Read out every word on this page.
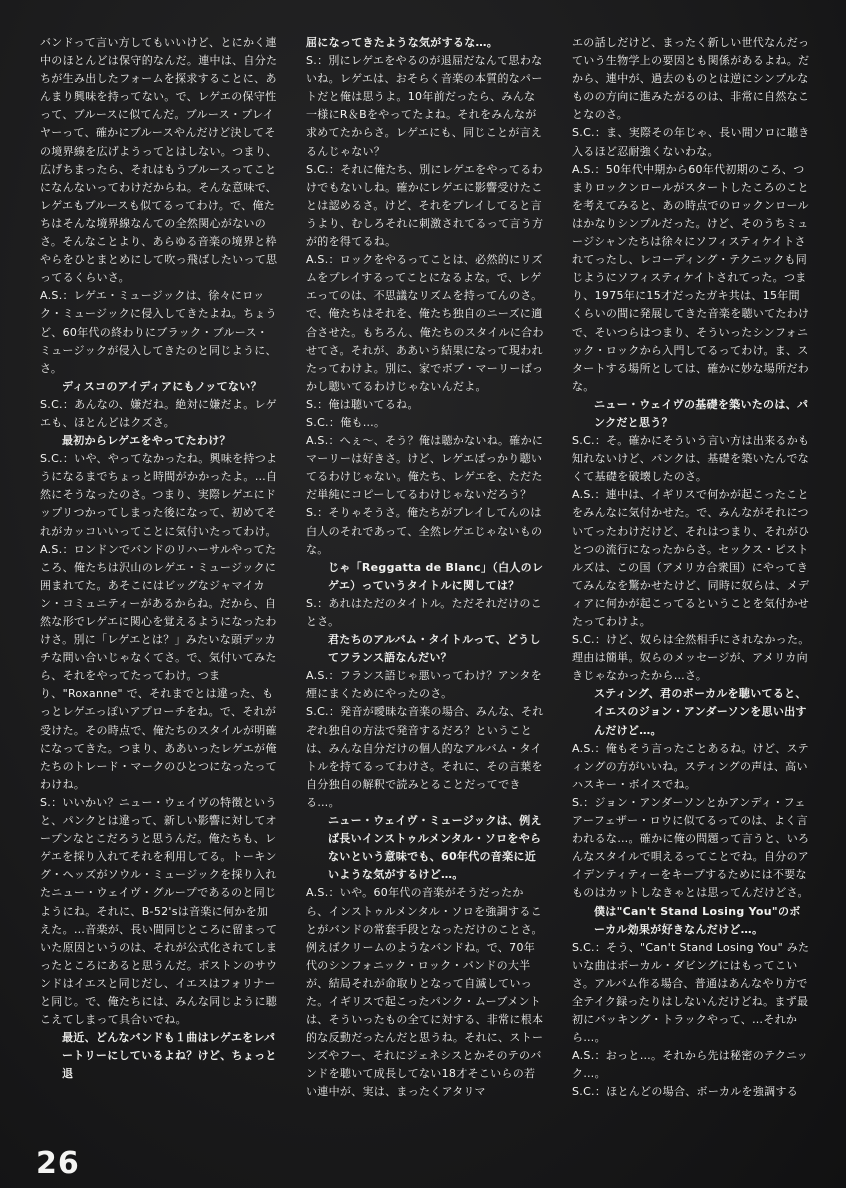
バンドって言い方してもいいけど、とにかく連中のほとんどは保守的なんだ。連中は、自分たちが生み出したフォームを探求することに、あんまり興味を持ってない。で、レゲエの保守性って、ブルースに似てんだ。ブルース・プレイヤーって、確かにブルースやんだけど決してその境界線を広げようってとはしない。つまり、広げちまったら、それはもうブルースってことになんないってわけだからね。そんな意味で、レゲエもブルースも似てるってわけ。で、俺たちはそんな境界線なんての全然関心がないのさ。そんなことより、あらゆる音楽の境界と枠やらをひとまとめにして吹っ飛ばしたいって思ってるくらいさ。

A.S.：レゲエ・ミュージックは、徐々にロック・ミュージックに侵入してきたよね。ちょうど、60年代の終わりにブラック・ブルース・ミュージックが侵入してきたのと同じように、さ。

ディスコのアイディアにもノッてない？

S.C.：あんなの、嫌だね。絶対に嫌だよ。レゲエも、ほとんどはクズさ。

最初からレゲエをやってたわけ？

S.C.：いや、やってなかったね。興味を持つようになるまでちょっと時間がかかったよ。…自然にそうなったのさ。つまり、実際レゲエにドップリつかってしまった後になって、初めてそれがカッコいいってことに気付いたってわけ。

A.S.：ロンドンでバンドのリハーサルやってたころ、俺たちは沢山のレゲエ・ミュージックに囲まれてた。あそこにはビッグなジャマイカン・コミュニティーがあるからね。だから、自然な形でレゲエに関心を覚えるようになったわけさ。別に「レゲエとは？」みたいな頭デッカチな問い合いじゃなくてさ。で、気付いてみたら、それをやってたってわけ。つまり、"Roxanne" で、それまでとは違った、もっとレゲエっぽいアプローチをね。で、それが受けた。その時点で、俺たちのスタイルが明確になってきた。つまり、ああいったレゲエが俺たちのトレード・マークのひとつになったってわけね。

S.：いいかい？ニュー・ウェイヴの特徴というと、パンクとは違って、新しい影響に対してオープンなとこだろうと思うんだ。俺たちも、レゲエを採り入れてそれを利用してる。トーキング・ヘッズがソウル・ミュージックを採り入れたニュー・ウェイヴ・グループであるのと同じようにね。それに、B-52'sは音楽に何かを加えた。…音楽が、長い間同じところに留まっていた原因というのは、それが公式化されてしまったところにあると思うんだ。ボストンのサウンドはイエスと同じだし、イエスはフォリナーと同じ。で、俺たちには、みんな同じように聴こえてしまって具合いでね。

最近、どんなバンドも１曲はレゲエをレパートリーにしているよね？けど、ちょっと退

屈になってきたような気がするな…。

S.：別にレゲエをやるのが退屈だなんて思わないね。レゲエは、おそらく音楽の本質的なパートだと俺は思うよ。10年前だったら、みんな一様にR＆Bをやってたよね。それをみんなが求めてたからさ。レゲエにも、同じことが言えるんじゃない？

S.C.：それに俺たち、別にレゲエをやってるわけでもないしね。確かにレゲエに影響受けたことは認めるさ。けど、それをプレイしてると言うより、むしろそれに刺激されてるって言う方が的を得てるね。

A.S.：ロックをやるってことは、必然的にリズムをプレイするってことになるよな。で、レゲエってのは、不思議なリズムを持ってんのさ。で、俺たちはそれを、俺たち独自のニーズに適合させた。もちろん、俺たちのスタイルに合わせてさ。それが、ああいう結果になって現われたってわけよ。別に、家でボブ・マーリーばっかし聴いてるわけじゃないんだよ。

S.：俺は聴いてるね。

S.C.：俺も…。

A.S.：へぇ～、そう？俺は聴かないね。確かにマーリーは好きさ。けど、レゲエばっかり聴いてるわけじゃない。俺たち、レゲエを、ただただ単純にコピーしてるわけじゃないだろう？

S.：そりゃそうさ。俺たちがプレイしてんのは白人のそれであって、全然レゲエじゃないものな。

じゃ「Reggatta de Blanc」（白人のレゲエ）っていうタイトルに関しては？

S.：あれはただのタイトル。ただそれだけのことさ。

君たちのアルバム・タイトルって、どうしてフランス語なんだい？

A.S.：フランス語じゃ悪いってわけ？アンタを煙にまくためにやったのさ。

S.C.：発音が曖昧な音楽の場合、みんな、それぞれ独自の方法で発音するだろ？ということは、みんな自分だけの個人的なアルバム・タイトルを持てるってわけさ。それに、その言葉を自分独自の解釈で読みとることだってできる…。

ニュー・ウェイヴ・ミュージックは、例えば長いインストゥルメンタル・ソロをやらないという意味でも、60年代の音楽に近いような気がするけど…。

A.S.：いや。60年代の音楽がそうだったから、インストゥルメンタル・ソロを強調することがバンドの常套手段となっただけのことさ。例えばクリームのようなバンドね。で、70年代のシンフォニック・ロック・バンドの大半が、結局それが命取りとなって自滅していった。イギリスで起こったパンク・ムーブメントは、そういったもの全てに対する、非常に根本的な反動だったんだと思うね。それに、ストーンズやフー、それにジェネシスとかそのテのバンドを聴いて成長してない18才そこいらの若い連中が、実は、まったくアタリマ

エの話しだけど、まったく新しい世代なんだっていう生物学上の要因とも関係があるよね。だから、連中が、過去のものとは逆にシンプルなものの方向に進みたがるのは、非常に自然なことなのさ。

S.C.：ま、実際その年じゃ、長い間ソロに聴き入るほど忍耐強くないわな。

A.S.：50年代中期から60年代初期のころ、つまりロックンロールがスタートしたころのことを考えてみると、あの時点でのロックンロールはかなりシンプルだった。けど、そのうちミュージシャンたちは徐々にソフィスティケイトされてったし、レコーディング・テクニックも同じようにソフィスティケイトされてった。つまり、1975年に15才だったガキ共は、15年間くらいの間に発展してきた音楽を聴いてたわけで、そいつらはつまり、そういったシンフォニック・ロックから入門してるってわけ。ま、スタートする場所としては、確かに妙な場所だわな。

ニュー・ウェイヴの基礎を築いたのは、パンクだと思う？

S.C.：そ。確かにそういう言い方は出来るかも知れないけど、パンクは、基礎を築いたんでなくて基礎を破壊したのさ。

A.S.：連中は、イギリスで何かが起こったことをみんなに気付かせた。で、みんながそれについてったわけだけど、それはつまり、それがひとつの流行になったからさ。セックス・ピストルズは、この国（アメリカ合衆国）にやってきてみんなを驚かせたけど、同時に奴らは、メディアに何かが起こってるということを気付かせたってわけよ。

S.C.：けど、奴らは全然相手にされなかった。理由は簡単。奴らのメッセージが、アメリカ向きじゃなかったから…さ。

スティング、君のボーカルを聴いてると、イエスのジョン・アンダーソンを思い出すんだけど…。

A.S.：俺もそう言ったことあるね。けど、スティングの方がいいね。スティングの声は、高いハスキー・ボイスでね。

S.：ジョン・アンダーソンとかアンディ・フェアーフェザー・ロウに似てるってのは、よく言われるな…。確かに俺の問題って言うと、いろんなスタイルで唄えるってことでね。自分のアイデンティティーをキープするためには不要なものはカットしなきゃとは思ってんだけどさ。

僕は"Can't Stand Losing You"のボーカル効果が好きなんだけど…。

S.C.：そう、"Can't Stand Losing You" みたいな曲はボーカル・ダビングにはもってこいさ。アルバム作る場合、普通はあんなやり方で全テイク録ったりはしないんだけどね。まず最初にバッキング・トラックやって、…それから…。

A.S.：おっと…。それから先は秘密のテクニック…。

S.C.：ほとんどの場合、ボーカルを強調する

26
